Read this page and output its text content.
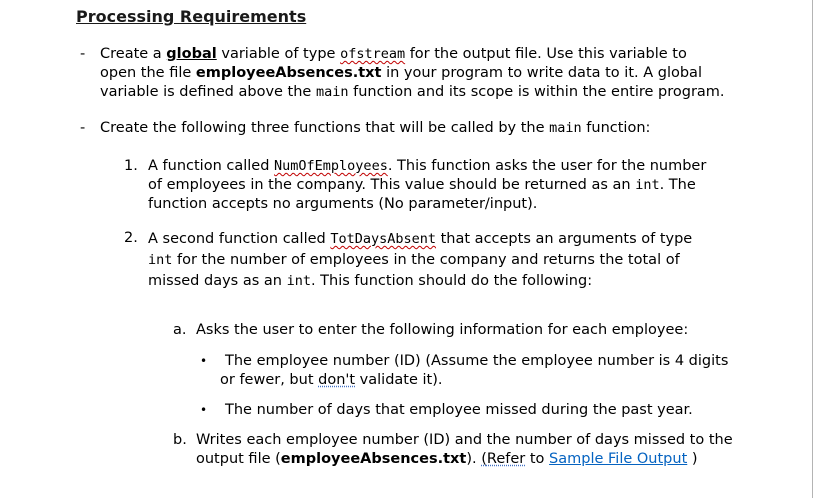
Processing Requirements
- Create a global variable of type ofstream for the output file. Use this variable to
open the file employeeAbsences.txt in your program to write data to it. A global
variable is defined above the main function and its scope is within the entire program.
- Create the following three functions that will be called by the main function:
1. A function called NumOfEmployees. This function asks the user for the number
of employees in the company. This value should be returned as an int. The
function accepts no arguments (No parameter/input).
2. A second function called TotDaysAbsent that accepts an arguments of type
int for the number of employees in the company and returns the total of
missed days as an int. This function should do the following:
a. Asks the user to enter the following information for each employee:
•	The employee number (ID) (Assume the employee number is 4 digits
or fewer, but don't validate it).
•	The number of days that employee missed during the past year.
b. Writes each employee number (ID) and the number of days missed to the
output file (employeeAbsences.txt). (Refer to Sample File Output )
